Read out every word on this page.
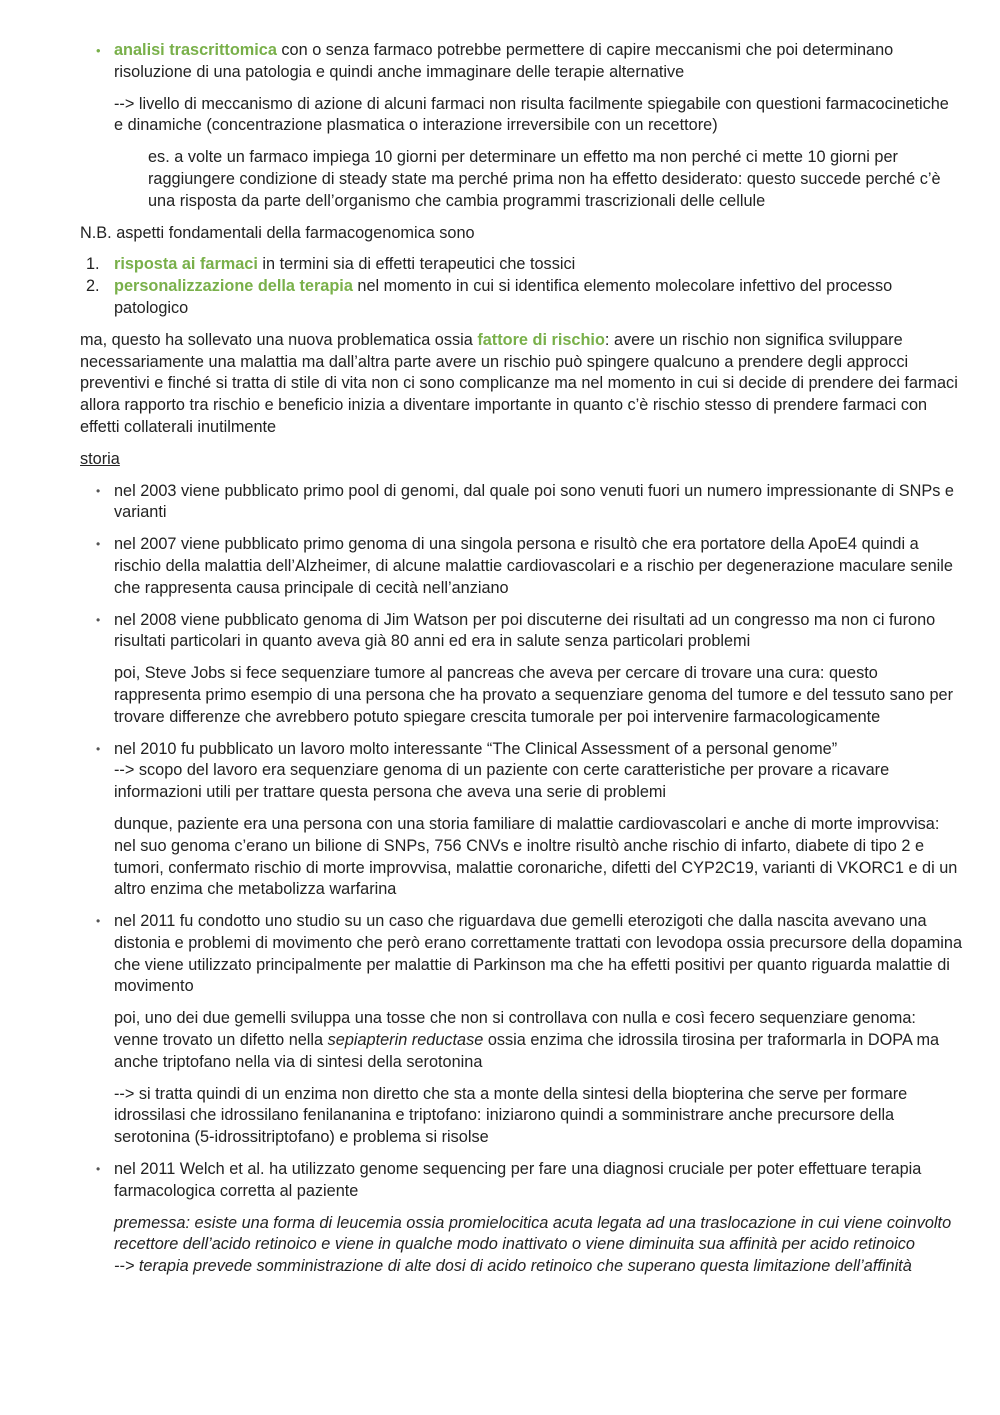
• analisi trascrittomica con o senza farmaco potrebbe permettere di capire meccanismi che poi determinano risoluzione di una patologia e quindi anche immaginare delle terapie alternative

--> livello di meccanismo di azione di alcuni farmaci non risulta facilmente spiegabile con questioni farmacocinetiche e dinamiche (concentrazione plasmatica o interazione irreversibile con un recettore)

es. a volte un farmaco impiega 10 giorni per determinare un effetto ma non perché ci mette 10 giorni per raggiungere condizione di steady state ma perché prima non ha effetto desiderato: questo succede perché c’è una risposta da parte dell’organismo che cambia programmi trascrizionali delle cellule

N.B. aspetti fondamentali della farmacogenomica sono

1. risposta ai farmaci in termini sia di effetti terapeutici che tossici

2. personalizzazione della terapia nel momento in cui si identifica elemento molecolare infettivo del processo patologico

ma, questo ha sollevato una nuova problematica ossia fattore di rischio: avere un rischio non significa sviluppare necessariamente una malattia ma dall’altra parte avere un rischio può spingere qualcuno a prendere degli approcci preventivi e finché si tratta di stile di vita non ci sono complicanze ma nel momento in cui si decide di prendere dei farmaci allora rapporto tra rischio e beneficio inizia a diventare importante in quanto c’è rischio stesso di prendere farmaci con effetti collaterali inutilmente

storia

• nel 2003 viene pubblicato primo pool di genomi, dal quale poi sono venuti fuori un numero impressionante di SNPs e varianti

• nel 2007 viene pubblicato primo genoma di una singola persona e risultò che era portatore della ApoE4 quindi a rischio della malattia dell’Alzheimer, di alcune malattie cardiovascolari e a rischio per degenerazione maculare senile che rappresenta causa principale di cecità nell’anziano

• nel 2008 viene pubblicato genoma di Jim Watson per poi discuterne dei risultati ad un congresso ma non ci furono risultati particolari in quanto aveva già 80 anni ed era in salute senza particolari problemi

poi, Steve Jobs si fece sequenziare tumore al pancreas che aveva per cercare di trovare una cura: questo rappresenta primo esempio di una persona che ha provato a sequenziare genoma del tumore e del tessuto sano per trovare differenze che avrebbero potuto spiegare crescita tumorale per poi intervenire farmacologicamente

• nel 2010 fu pubblicato un lavoro molto interessante “The Clinical Assessment of a personal genome”

--> scopo del lavoro era sequenziare genoma di un paziente con certe caratteristiche per provare a ricavare informazioni utili per trattare questa persona che aveva una serie di problemi

dunque, paziente era una persona con una storia familiare di malattie cardiovascolari e anche di morte improvvisa: nel suo genoma c’erano un bilione di SNPs, 756 CNVs e inoltre risultò anche rischio di infarto, diabete di tipo 2 e tumori, confermato rischio di morte improvvisa, malattie coronariche, difetti del CYP2C19, varianti di VKORC1 e di un altro enzima che metabolizza warfarina

• nel 2011 fu condotto uno studio su un caso che riguardava due gemelli eterozigoti che dalla nascita avevano una distonia e problemi di movimento che però erano correttamente trattati con levodopa ossia precursore della dopamina che viene utilizzato principalmente per malattie di Parkinson ma che ha effetti positivi per quanto riguarda malattie di movimento

poi, uno dei due gemelli sviluppa una tosse che non si controllava con nulla e così fecero sequenziare genoma: venne trovato un difetto nella sepiapterin reductase ossia enzima che idrossila tirosina per traformarla in DOPA ma anche triptofano nella via di sintesi della serotonina

--> si tratta quindi di un enzima non diretto che sta a monte della sintesi della biopterina che serve per formare idrossilasi che idrossilano fenilananina e triptofano: iniziarono quindi a somministrare anche precursore della serotonina (5-idrossitriptofano) e problema si risolse

• nel 2011 Welch et al. ha utilizzato genome sequencing per fare una diagnosi cruciale per poter effettuare terapia farmacologica corretta al paziente

premessa: esiste una forma di leucemia ossia promielocitica acuta legata ad una traslocazione in cui viene coinvolto recettore dell’acido retinoico e viene in qualche modo inattivato o viene diminuita sua affinità per acido retinoico

--> terapia prevede somministrazione di alte dosi di acido retinoico che superano questa limitazione dell’affinità
